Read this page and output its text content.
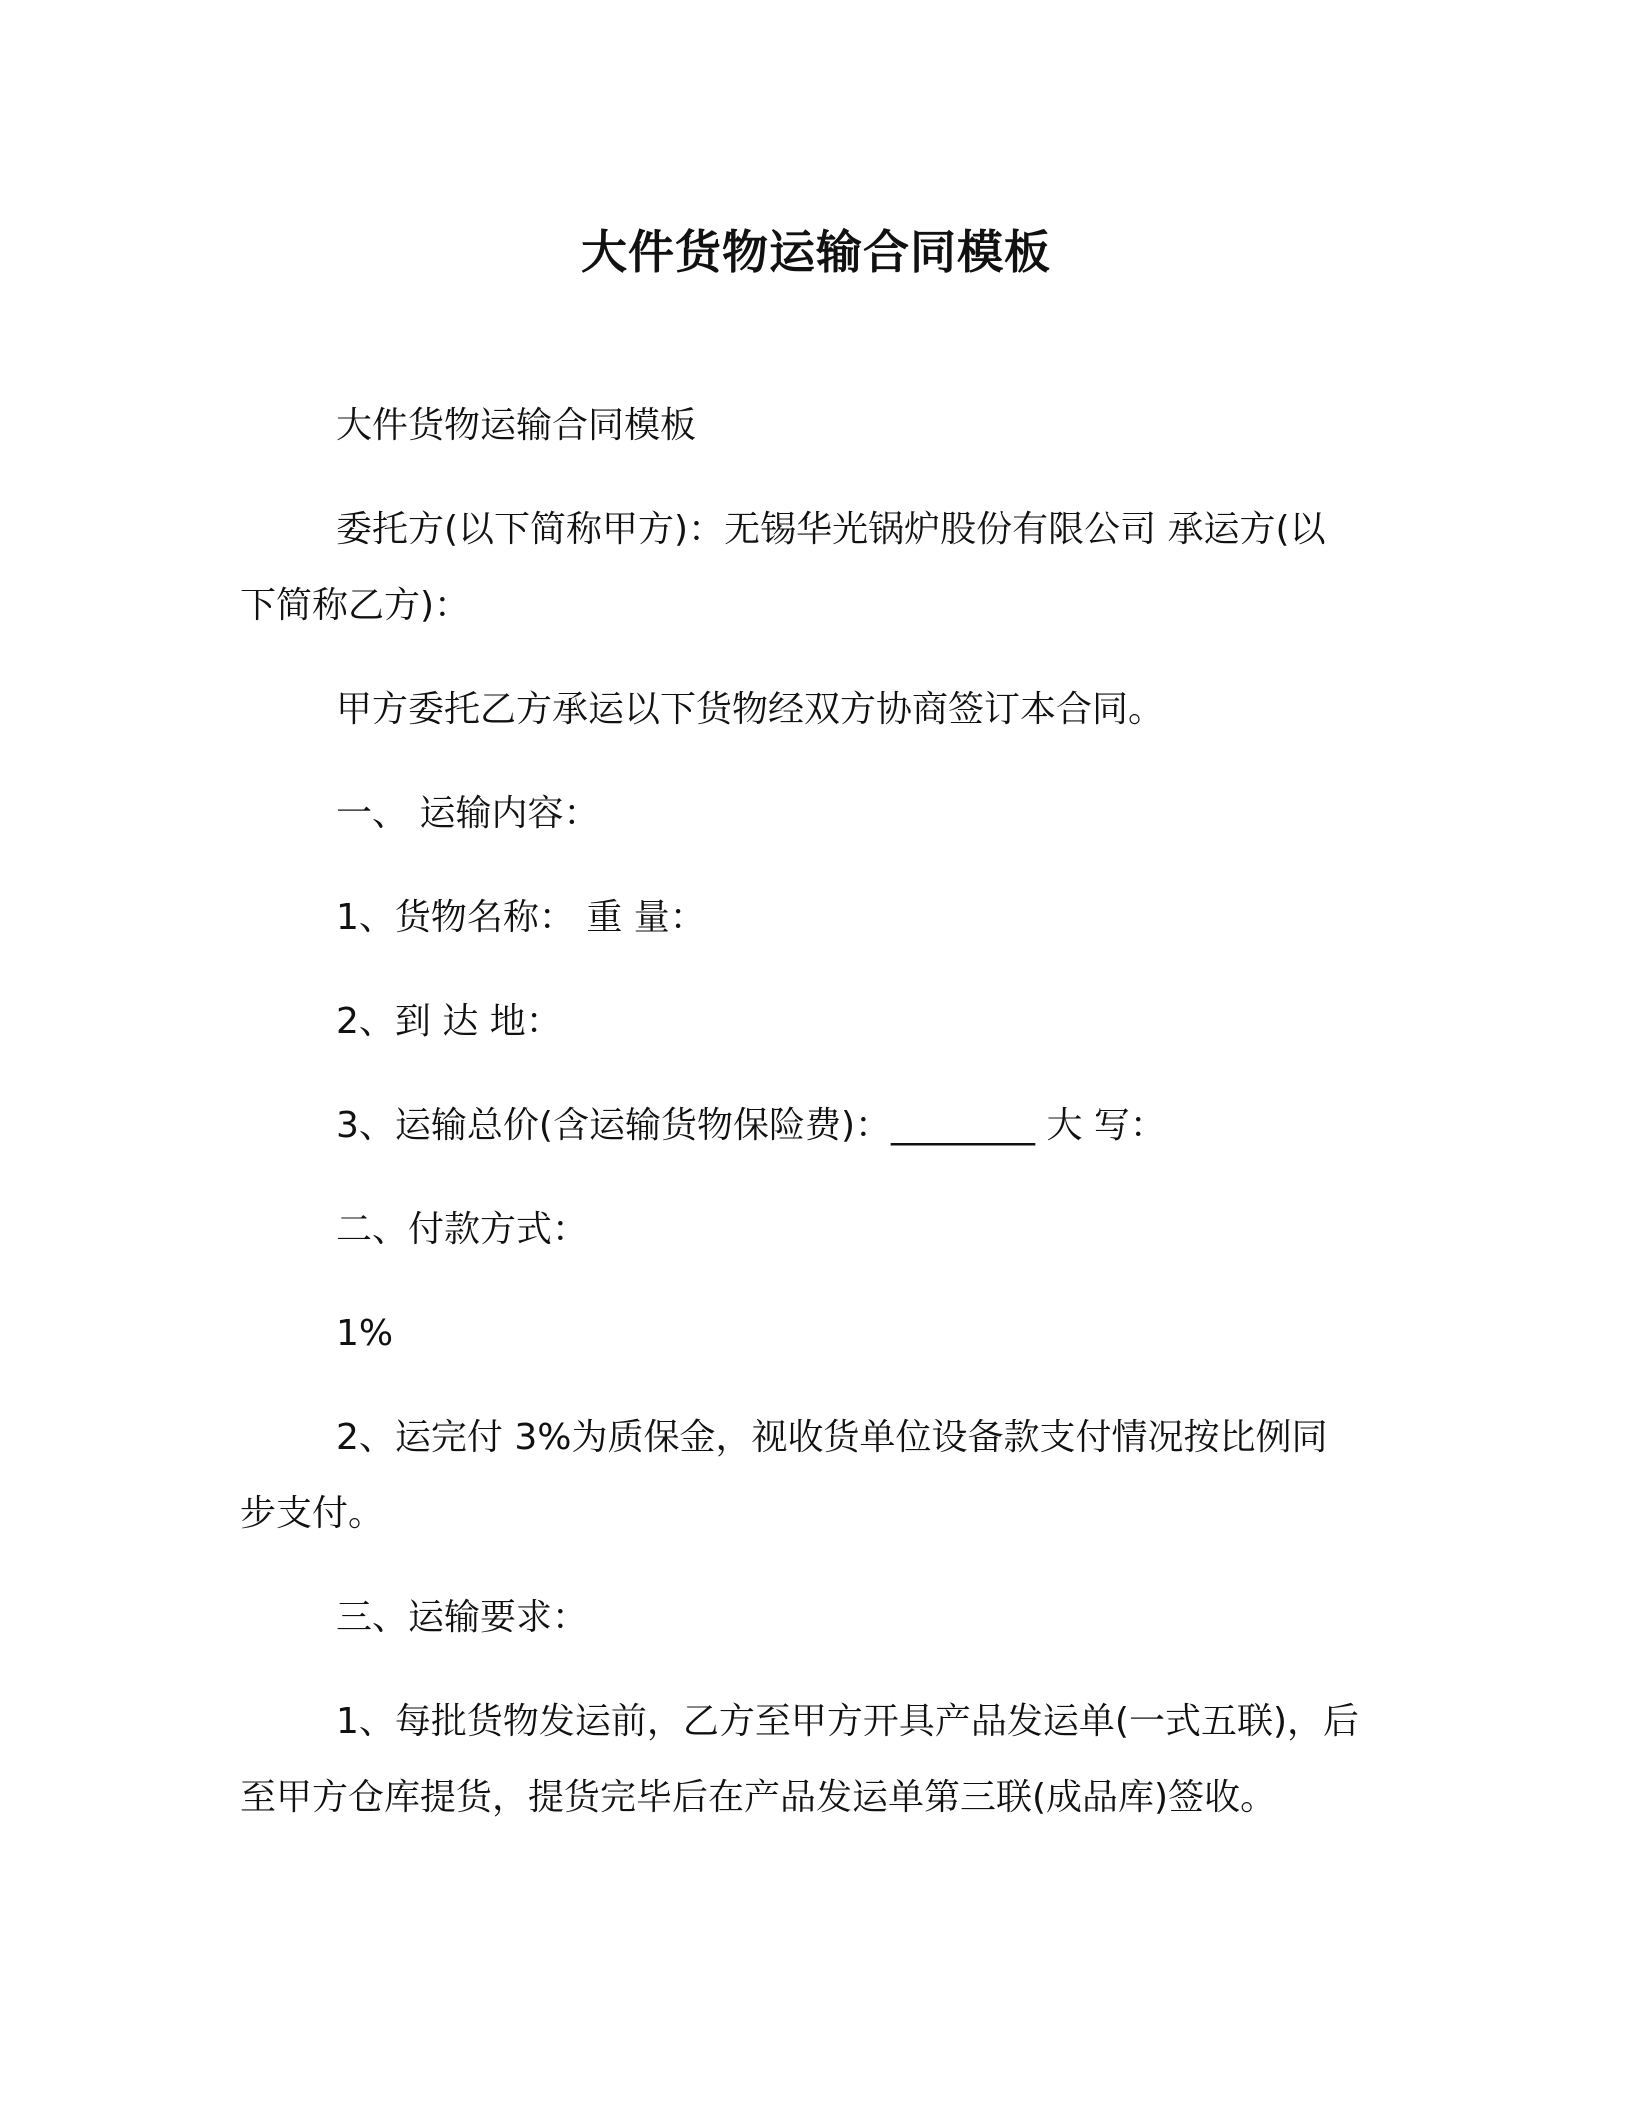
大件货物运输合同模板

大件货物运输合同模板

委托方(以下简称甲方)：无锡华光锅炉股份有限公司 承运方(以下简称乙方)：

甲方委托乙方承运以下货物经双方协商签订本合同。

一、 运输内容：

1、货物名称： 重 量：

2、到 达 地：

3、运输总价(含运输货物保险费)：________ 大 写：

二、付款方式：

1%

2、运完付 3%为质保金，视收货单位设备款支付情况按比例同步支付。

三、运输要求：

1、每批货物发运前，乙方至甲方开具产品发运单(一式五联)，后至甲方仓库提货，提货完毕后在产品发运单第三联(成品库)签收。
